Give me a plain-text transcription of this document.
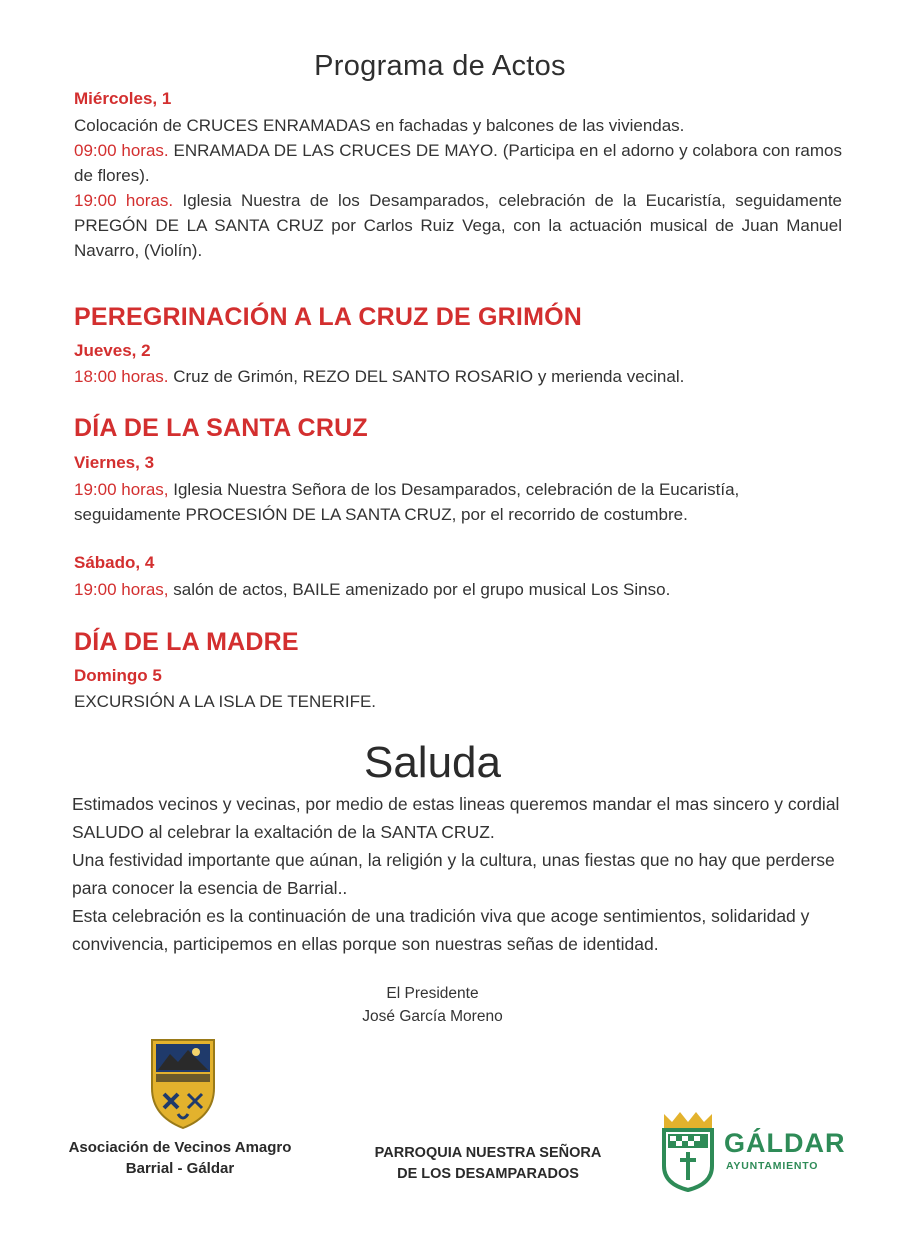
Programa de Actos
Miércoles, 1
Colocación de CRUCES ENRAMADAS en fachadas y balcones de las viviendas.
09:00 horas. ENRAMADA DE LAS CRUCES DE MAYO. (Participa en el adorno y colabora con ramos de flores).
19:00 horas. Iglesia Nuestra de los Desamparados, celebración de la Eucaristía, seguidamente PREGÓN DE LA SANTA CRUZ por Carlos Ruiz Vega, con la actuación musical de Juan Manuel Navarro, (Violín).
PEREGRINACIÓN A LA CRUZ DE GRIMÓN
Jueves, 2
18:00 horas. Cruz de Grimón, REZO DEL SANTO ROSARIO y merienda vecinal.
DÍA DE LA SANTA CRUZ
Viernes, 3
19:00 horas, Iglesia Nuestra Señora de los Desamparados, celebración de la Eucaristía, seguidamente PROCESIÓN DE LA SANTA CRUZ, por el recorrido de costumbre.
Sábado, 4
19:00 horas, salón de actos, BAILE amenizado por el grupo musical Los Sinso.
DÍA DE LA MADRE
Domingo 5
EXCURSIÓN A LA ISLA DE TENERIFE.
Saluda
Estimados vecinos y vecinas, por medio de estas lineas queremos mandar el mas sincero y cordial SALUDO al celebrar la exaltación de la SANTA CRUZ.
Una festividad importante que aúnan, la religión y la cultura, unas fiestas que no hay que perderse para conocer la esencia de Barrial..
Esta celebración es la continuación de una tradición viva que acoge sentimientos, solidaridad y convivencia, participemos en ellas porque son nuestras señas de identidad.
El Presidente
José García Moreno
Asociación de Vecinos Amagro
Barrial - Gáldar
PARROQUIA NUESTRA SEÑORA
DE LOS DESAMPARADOS
GÁLDAR
AYUNTAMIENTO
